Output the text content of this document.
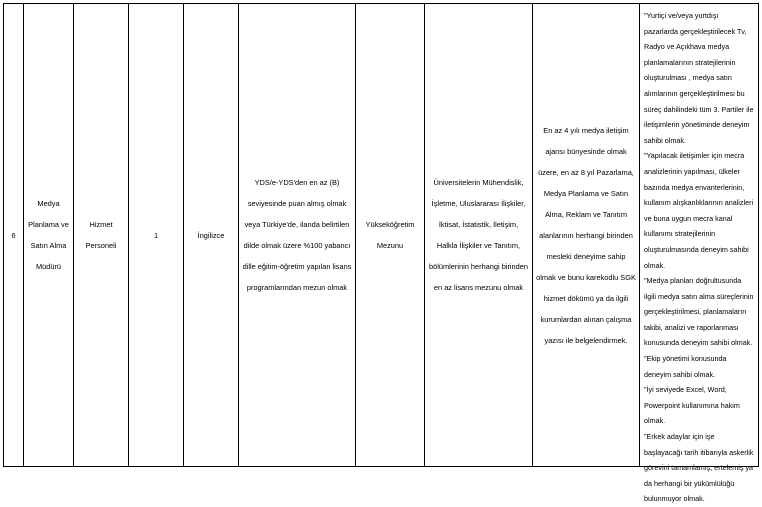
6
Medya Planlama ve Satın Alma Müdürü
Hizmet Personeli
1	İngilizce
YDS/e-YDS'den en az (B) seviyesinde puan almış olmak veya Türkiye'de, ilanda belirtilen dilde olmak üzere %100 yabancı dille eğitim-öğretim yapılan lisans programlarından mezun olmak
Yükseköğretim Mezunu
Üniversitelerin Mühendislik, İşletme, Uluslararası İlişkiler, İktisat, İstatistik, İletişim, Halkla İlişkiler ve Tanıtım, bölümlerinin herhangi birinden en az lisans mezunu olmak
En az 4 yılı medya iletişim ajansı bünyesinde olmak üzere, en az 8 yıl Pazarlama, Medya Planlama ve Satın Alma, Reklam ve Tanıtım alanlarının herhangi birinden mesleki deneyime sahip olmak ve bunu karekodlu SGK hizmet dökümü ya da ilgili kurumlardan alınan çalışma yazısı ile belgelendirmek.

"Yurtiçi ve/veya yurtdışı pazarlarda gerçekleştirilecek Tv, Radyo ve Açıkhava medya planlamalarının stratejilerinin oluşturulması , medya satın alımlarının gerçekleştirilmesi bu süreç dahilindeki tüm 3. Partiler ile iletişimlerin yönetiminde deneyim sahibi olmak.

"Yapılacak iletişimler için mecra analizlerinin yapılması, ülkeler bazında medya envanterlerinin, kullanım alışkanlıklarının analizleri ve buna uygun mecra kanal kullanımı stratejilerinin oluşturulmasında deneyim sahibi olmak.

"Medya planları doğrultusunda ilgili medya satın alma süreçlerinin gerçekleştirilmesi, planlamaların takibi, analizi ve raporlanması konusunda deneyim sahibi olmak.

"Ekip yönetimi konusunda deneyim sahibi olmak.

"İyi seviyede Excel, Word, Powerpoint kullanımına hakim olmak.

"Erkek adaylar için işe başlayacağı tarih itibarıyla askerlik görevini tamamlamış, ertelemiş ya da herhangi bir yükümlülüğü bulunmuyor olmak.
